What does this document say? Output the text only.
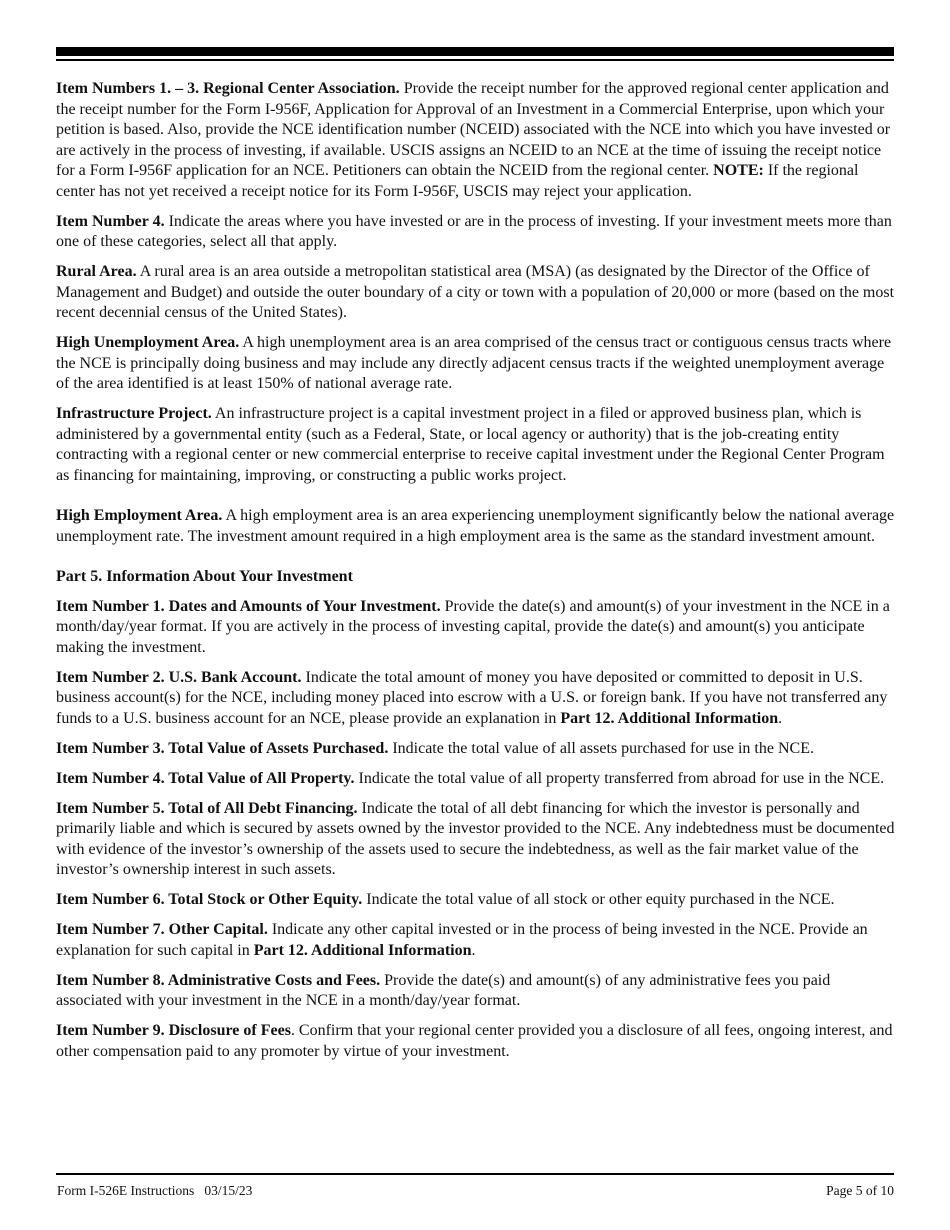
Item Numbers 1. – 3. Regional Center Association. Provide the receipt number for the approved regional center application and the receipt number for the Form I-956F, Application for Approval of an Investment in a Commercial Enterprise, upon which your petition is based. Also, provide the NCE identification number (NCEID) associated with the NCE into which you have invested or are actively in the process of investing, if available. USCIS assigns an NCEID to an NCE at the time of issuing the receipt notice for a Form I-956F application for an NCE. Petitioners can obtain the NCEID from the regional center. NOTE: If the regional center has not yet received a receipt notice for its Form I-956F, USCIS may reject your application.

Item Number 4. Indicate the areas where you have invested or are in the process of investing. If your investment meets more than one of these categories, select all that apply.

Rural Area. A rural area is an area outside a metropolitan statistical area (MSA) (as designated by the Director of the Office of Management and Budget) and outside the outer boundary of a city or town with a population of 20,000 or more (based on the most recent decennial census of the United States).

High Unemployment Area. A high unemployment area is an area comprised of the census tract or contiguous census tracts where the NCE is principally doing business and may include any directly adjacent census tracts if the weighted unemployment average of the area identified is at least 150% of national average rate.

Infrastructure Project. An infrastructure project is a capital investment project in a filed or approved business plan, which is administered by a governmental entity (such as a Federal, State, or local agency or authority) that is the job-creating entity contracting with a regional center or new commercial enterprise to receive capital investment under the Regional Center Program as financing for maintaining, improving, or constructing a public works project.

High Employment Area. A high employment area is an area experiencing unemployment significantly below the national average unemployment rate. The investment amount required in a high employment area is the same as the standard investment amount.

Part 5. Information About Your Investment

Item Number 1. Dates and Amounts of Your Investment. Provide the date(s) and amount(s) of your investment in the NCE in a month/day/year format. If you are actively in the process of investing capital, provide the date(s) and amount(s) you anticipate making the investment.

Item Number 2. U.S. Bank Account. Indicate the total amount of money you have deposited or committed to deposit in U.S. business account(s) for the NCE, including money placed into escrow with a U.S. or foreign bank. If you have not transferred any funds to a U.S. business account for an NCE, please provide an explanation in Part 12. Additional Information.

Item Number 3. Total Value of Assets Purchased. Indicate the total value of all assets purchased for use in the NCE.

Item Number 4. Total Value of All Property. Indicate the total value of all property transferred from abroad for use in the NCE.

Item Number 5. Total of All Debt Financing. Indicate the total of all debt financing for which the investor is personally and primarily liable and which is secured by assets owned by the investor provided to the NCE. Any indebtedness must be documented with evidence of the investor’s ownership of the assets used to secure the indebtedness, as well as the fair market value of the investor’s ownership interest in such assets.

Item Number 6. Total Stock or Other Equity. Indicate the total value of all stock or other equity purchased in the NCE.

Item Number 7. Other Capital. Indicate any other capital invested or in the process of being invested in the NCE. Provide an explanation for such capital in Part 12. Additional Information.

Item Number 8. Administrative Costs and Fees. Provide the date(s) and amount(s) of any administrative fees you paid associated with your investment in the NCE in a month/day/year format.

Item Number 9. Disclosure of Fees. Confirm that your regional center provided you a disclosure of all fees, ongoing interest, and other compensation paid to any promoter by virtue of your investment.

Form I-526E Instructions   03/15/23	Page 5 of 10
